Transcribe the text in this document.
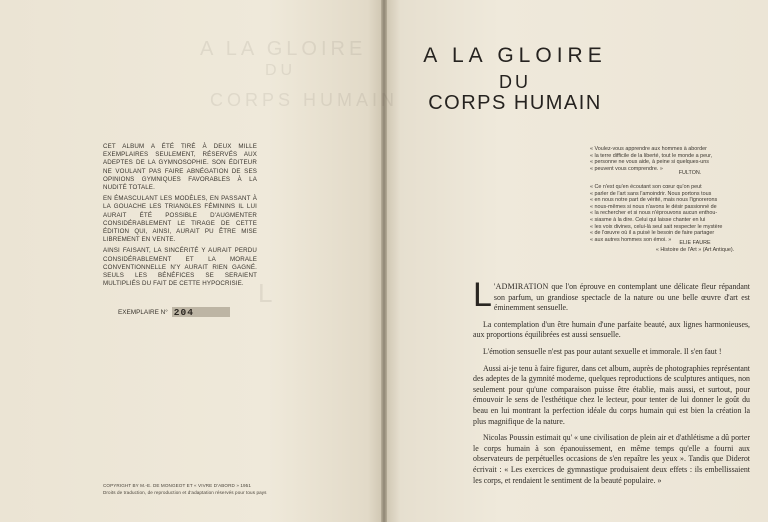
A LA GLOIRE
DU
CORPS HUMAIN
L

CET ALBUM A ÉTÉ TIRÉ À DEUX MILLE EXEMPLAIRES SEULEMENT, RÉSERVÉS AUX ADEPTES DE LA GYMNOSOPHIE. SON ÉDITEUR NE VOULANT PAS FAIRE ABNÉGATION DE SES OPINIONS GYMNIQUES FAVORABLES À LA NUDITÉ TOTALE.

EN ÉMASCULANT LES MODÈLES, EN PASSANT À LA GOUACHE LES TRIANGLES FÉMININS IL LUI AURAIT ÉTÉ POSSIBLE D'AUGMENTER CONSIDÉRABLEMENT LE TIRAGE DE CETTE ÉDITION QUI, AINSI, AURAIT PU ÊTRE MISE LIBREMENT EN VENTE.

AINSI FAISANT, LA SINCÉRITÉ Y AURAIT PERDU CONSIDÉRABLEMENT ET LA MORALE CONVENTIONNELLE N'Y AURAIT RIEN GAGNÉ. SEULS LES BÉNÉFICES SE SERAIENT MULTIPLIÉS DU FAIT DE CETTE HYPOCRISIE.

EXEMPLAIRE N° 204
COPYRIGHT BY M.-E. DE MONGEOT ET « VIVRE D'ABORD » 1951
Droits de traduction, de reproduction et d'adaptation réservés pour tous pays
A LA GLOIRE
DU
CORPS HUMAIN
« Voulez-vous apprendre aux hommes à aborder
« la terre difficile de la liberté, tout le monde a peur,
« personne ne vous aide, à peine si quelques-uns
« peuvent vous comprendre. »
FULTON.
« Ce n'est qu'en écoutant son cœur qu'on peut
« parler de l'art sans l'amoindrir. Nous portons tous
« en nous notre part de vérité, mais nous l'ignorerons
« nous-mêmes si nous n'avons le désir passionné de
« la rechercher et si nous n'éprouvons aucun enthou-
« siasme à la dire. Celui qui laisse chanter en lui
« les voix divines, celui-là seul sait respecter le mystère
« de l'œuvre où il a puisé le besoin de faire partager
« aux autres hommes son émoi. »
ELIE FAURE
« Histoire de l'Art » (Art Antique).

L 'ADMIRATION que l'on éprouve en contemplant une délicate fleur répandant son parfum, un grandiose spectacle de la nature ou une belle œuvre d'art est éminemment sensuelle.

La contemplation d'un être humain d'une parfaite beauté, aux lignes harmonieuses, aux proportions équilibrées est aussi sensuelle.

L'émotion sensuelle n'est pas pour autant sexuelle et immorale. Il s'en faut !

Aussi ai-je tenu à faire figurer, dans cet album, auprès de photographies représentant des adeptes de la gymnité moderne, quelques reproductions de sculptures antiques, non seulement pour qu'une comparaison puisse être établie, mais aussi, et surtout, pour émouvoir le sens de l'esthétique chez le lecteur, pour tenter de lui donner le goût du beau en lui montrant la perfection idéale du corps humain qui est bien la création la plus magnifique de la nature.

Nicolas Poussin estimait qu' « une civilisation de plein air et d'athlétisme a dû porter le corps humain à son épanouissement, en même temps qu'elle a fourni aux observateurs de perpétuelles occasions de s'en repaître les yeux ». Tandis que Diderot écrivait : « Les exercices de gymnastique produisaient deux effets : ils embellissaient les corps, et rendaient le sentiment de la beauté populaire. »
